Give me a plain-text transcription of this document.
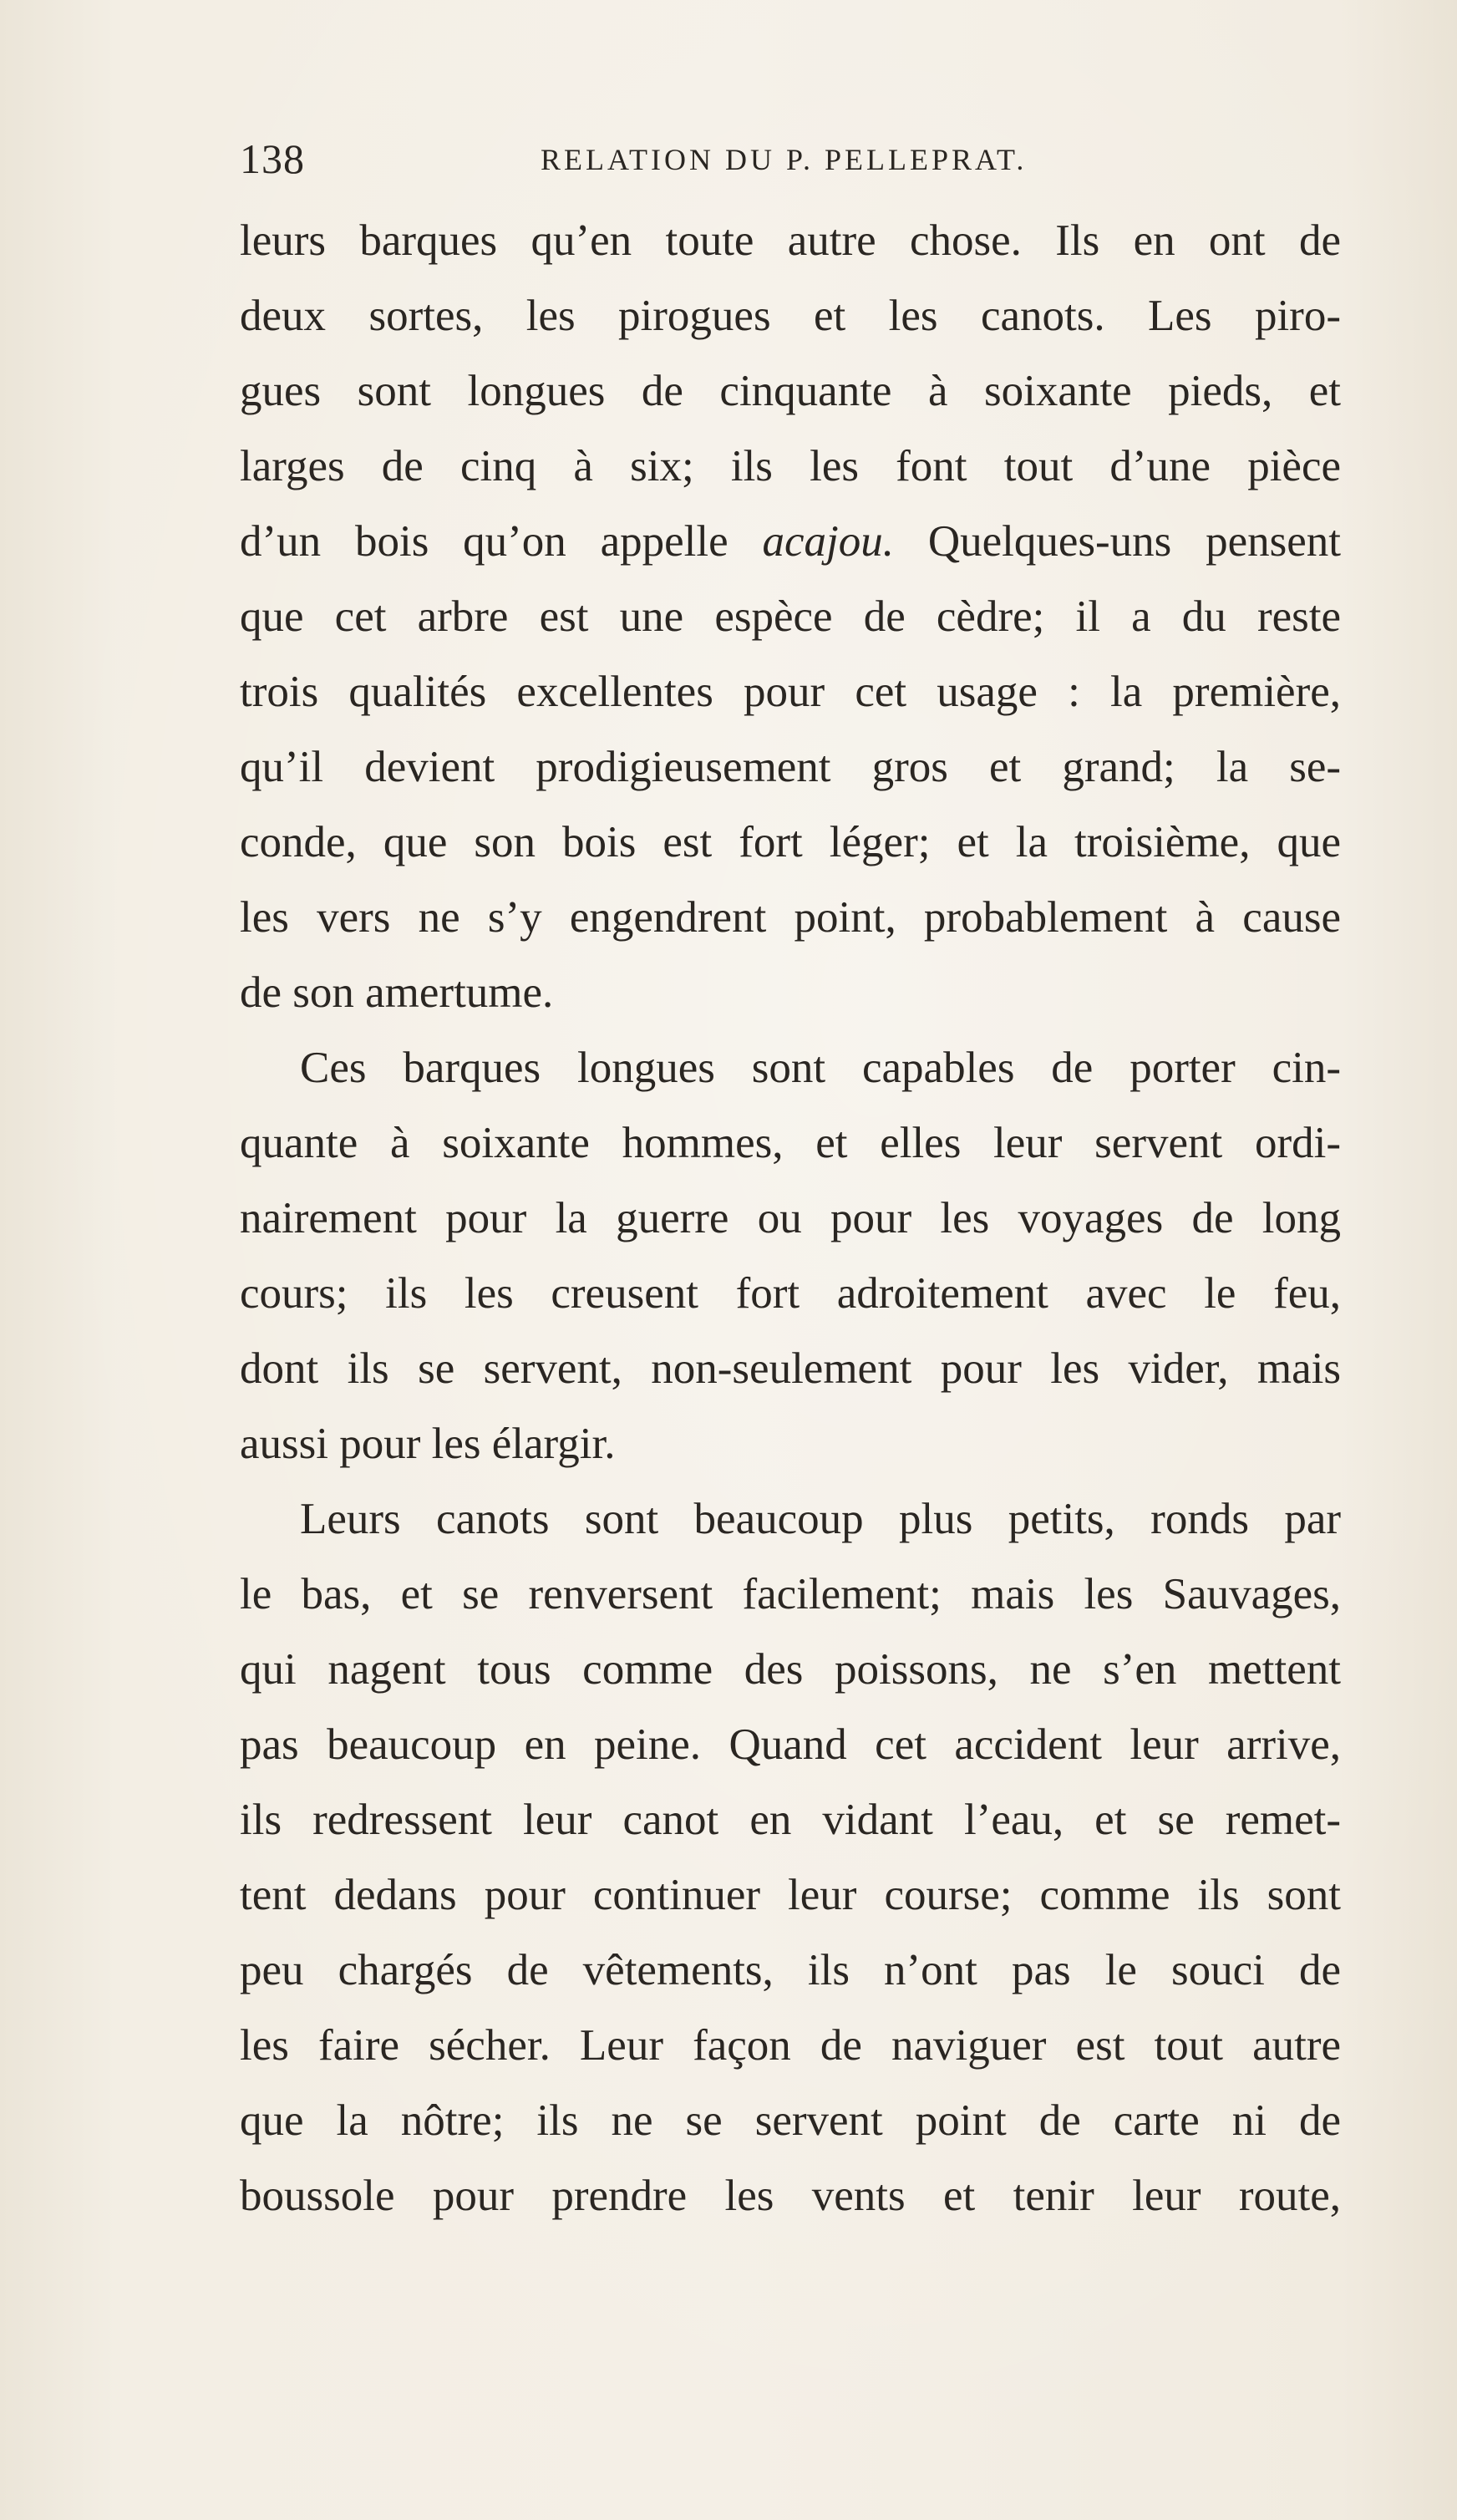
138	RELATION DU P. PELLEPRAT.
leurs barques qu’en toute autre chose. Ils en ont de
deux sortes, les pirogues et les canots. Les piro-
gues sont longues de cinquante à soixante pieds, et
larges de cinq à six; ils les font tout d’une pièce
d’un bois qu’on appelle acajou. Quelques-uns pensent
que cet arbre est une espèce de cèdre; il a du reste
trois qualités excellentes pour cet usage : la première,
qu’il devient prodigieusement gros et grand; la se-
conde, que son bois est fort léger; et la troisième, que
les vers ne s’y engendrent point, probablement à cause
de son amertume.
Ces barques longues sont capables de porter cin-
quante à soixante hommes, et elles leur servent ordi-
nairement pour la guerre ou pour les voyages de long
cours; ils les creusent fort adroitement avec le feu,
dont ils se servent, non-seulement pour les vider, mais
aussi pour les élargir.
Leurs canots sont beaucoup plus petits, ronds par
le bas, et se renversent facilement; mais les Sauvages,
qui nagent tous comme des poissons, ne s’en mettent
pas beaucoup en peine. Quand cet accident leur arrive,
ils redressent leur canot en vidant l’eau, et se remet-
tent dedans pour continuer leur course; comme ils sont
peu chargés de vêtements, ils n’ont pas le souci de
les faire sécher. Leur façon de naviguer est tout autre
que la nôtre; ils ne se servent point de carte ni de
boussole pour prendre les vents et tenir leur route,
